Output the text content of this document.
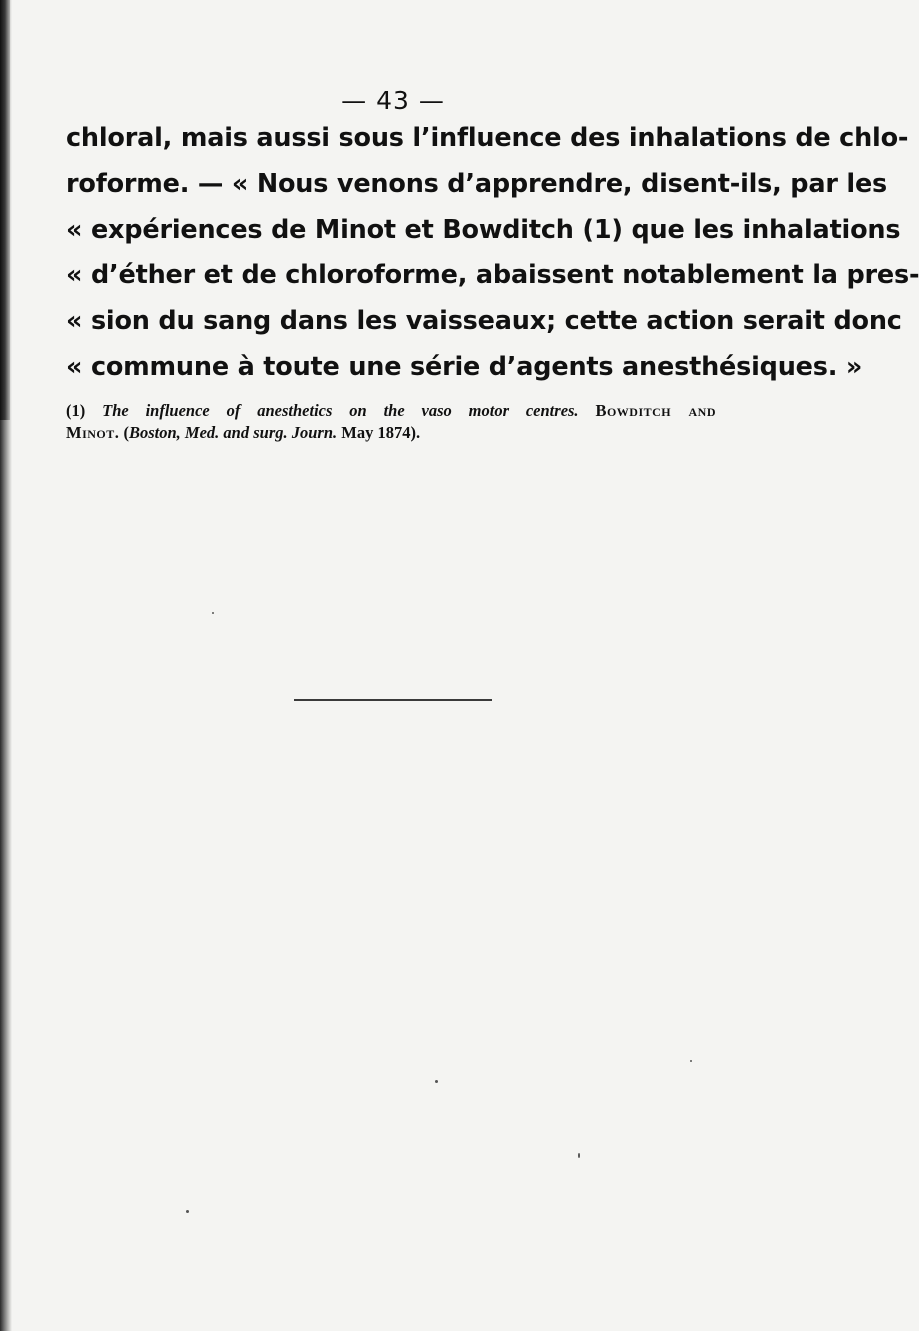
— 43 —
chloral, mais aussi sous l’influence des inhalations de chlo-
roforme. — « Nous venons d’apprendre, disent-ils, par les
« expériences de Minot et Bowditch (1) que les inhalations
« d’éther et de chloroforme, abaissent notablement la pres-
« sion du sang dans les vaisseaux; cette action serait donc
« commune à toute une série d’agents anesthésiques. »
(1) The influence of anesthetics on the vaso motor centres. Bowditch and
Minot. (Boston, Med. and surg. Journ. May 1874).
